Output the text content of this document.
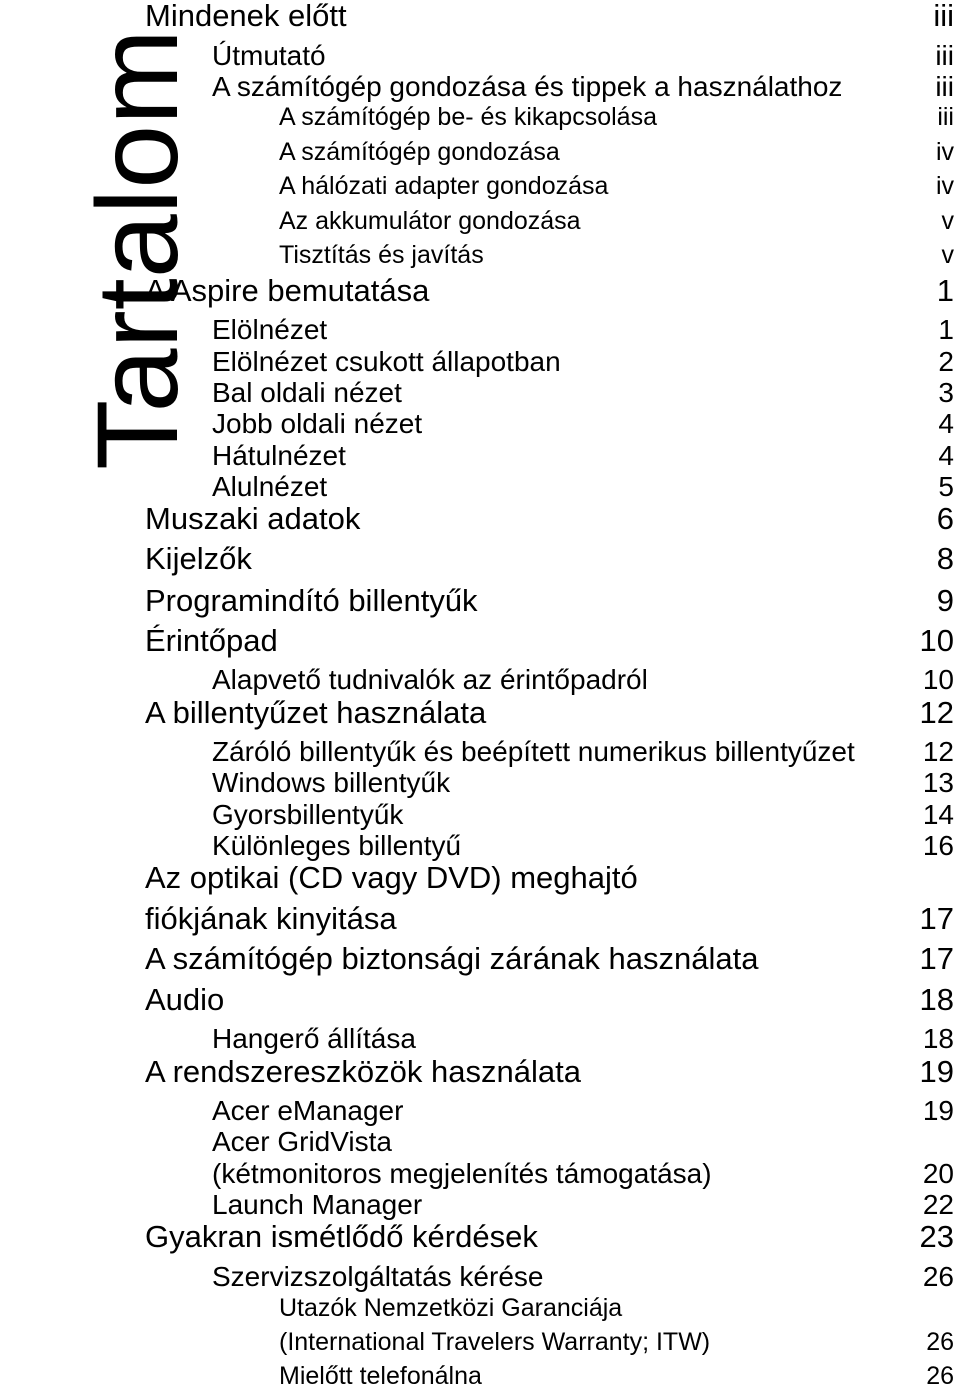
Tartalom
Mindenek előtt	iii
Útmutató	iii
A számítógép gondozása és tippek a használathoz	iii
A számítógép be- és kikapcsolása	iii
A számítógép gondozása	iv
A hálózati adapter gondozása	iv
Az akkumulátor gondozása	v
Tisztítás és javítás	v
A Aspire bemutatása	1
Elölnézet	1
Elölnézet csukott állapotban	2
Bal oldali nézet	3
Jobb oldali nézet	4
Hátulnézet	4
Alulnézet	5
Muszaki adatok	6
Kijelzők	8
Programindító billentyűk	9
Érintőpad	10
Alapvető tudnivalók az érintőpadról	10
A billentyűzet használata	12
Záróló billentyűk és beépített numerikus billentyűzet	12
Windows billentyűk	13
Gyorsbillentyűk	14
Különleges billentyű	16
Az optikai (CD vagy DVD) meghajtó
fiókjának kinyitása	17
A számítógép biztonsági zárának használata	17
Audio	18
Hangerő állítása	18
A rendszereszközök használata	19
Acer eManager	19
Acer GridVista
(kétmonitoros megjelenítés támogatása)	20
Launch Manager	22
Gyakran ismétlődő kérdések	23
Szervizszolgáltatás kérése	26
Utazók Nemzetközi Garanciája
(International Travelers Warranty; ITW)	26
Mielőtt telefonálna	26
